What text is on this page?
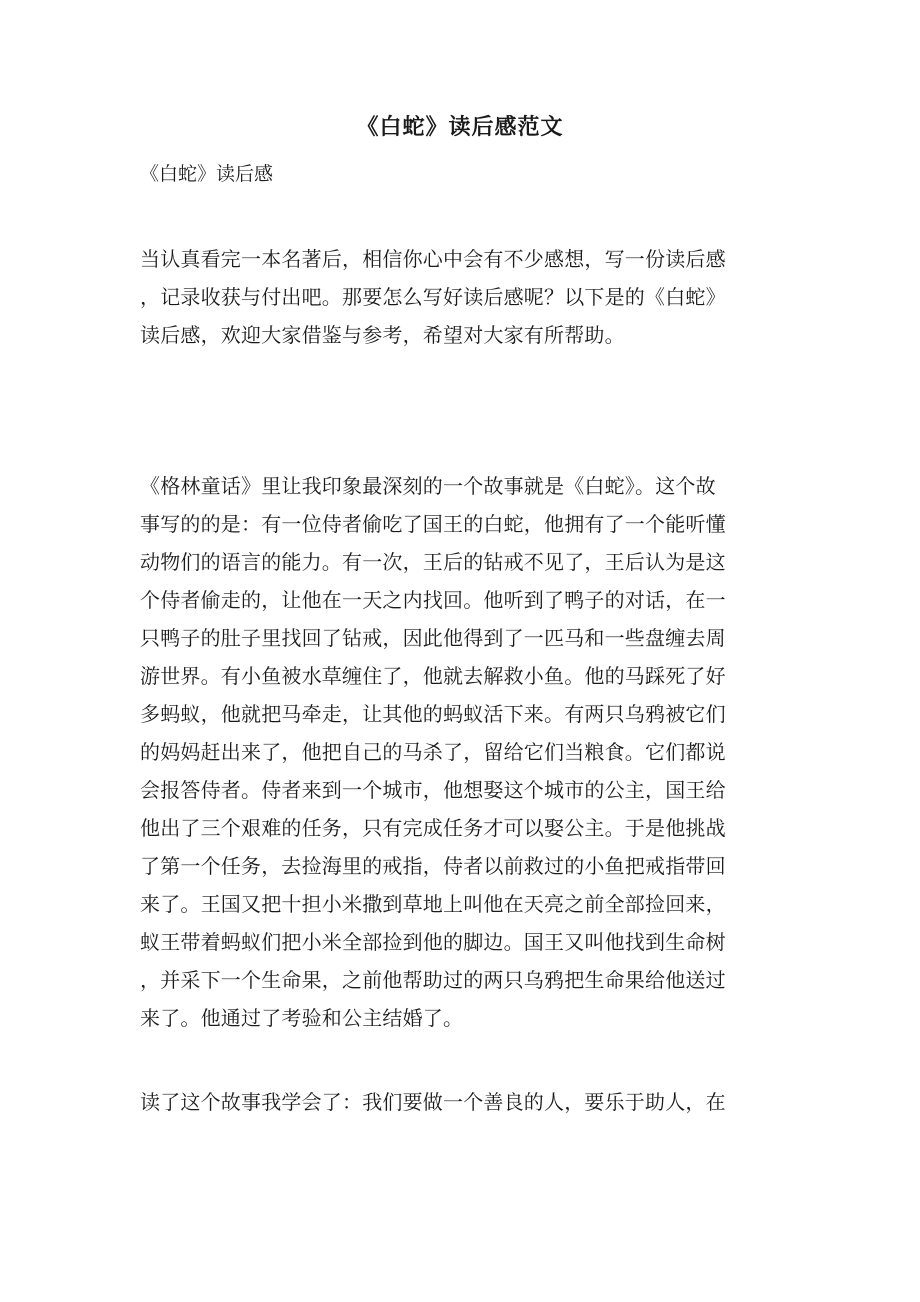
《白蛇》读后感范文
《白蛇》读后感
当认真看完一本名著后，相信你心中会有不少感想，写一份读后感
，记录收获与付出吧。那要怎么写好读后感呢？以下是的《白蛇》
读后感，欢迎大家借鉴与参考，希望对大家有所帮助。
《格林童话》里让我印象最深刻的一个故事就是《白蛇》。这个故
事写的的是：有一位侍者偷吃了国王的白蛇，他拥有了一个能听懂
动物们的语言的能力。有一次，王后的钻戒不见了，王后认为是这
个侍者偷走的，让他在一天之内找回。他听到了鸭子的对话，在一
只鸭子的肚子里找回了钻戒，因此他得到了一匹马和一些盘缠去周
游世界。有小鱼被水草缠住了，他就去解救小鱼。他的马踩死了好
多蚂蚁，他就把马牵走，让其他的蚂蚁活下来。有两只乌鸦被它们
的妈妈赶出来了，他把自己的马杀了，留给它们当粮食。它们都说
会报答侍者。侍者来到一个城市，他想娶这个城市的公主，国王给
他出了三个艰难的任务，只有完成任务才可以娶公主。于是他挑战
了第一个任务，去捡海里的戒指，侍者以前救过的小鱼把戒指带回
来了。王国又把十担小米撒到草地上叫他在天亮之前全部捡回来，
蚁王带着蚂蚁们把小米全部捡到他的脚边。国王又叫他找到生命树
，并采下一个生命果，之前他帮助过的两只乌鸦把生命果给他送过
来了。他通过了考验和公主结婚了。
读了这个故事我学会了：我们要做一个善良的人，要乐于助人，在
